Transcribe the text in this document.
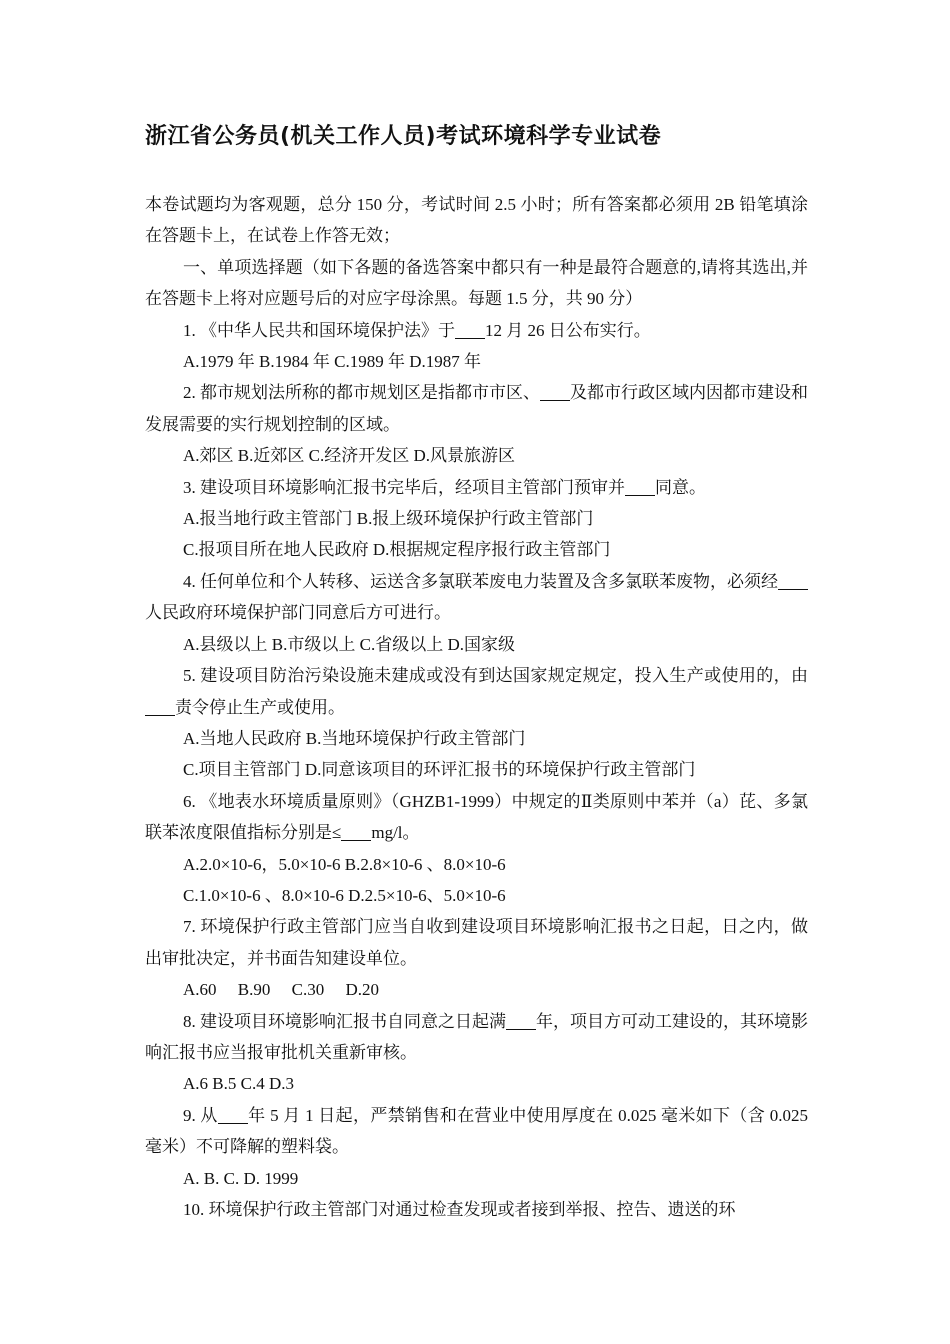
浙江省公务员(机关工作人员)考试环境科学专业试卷

本卷试题均为客观题，总分 150 分，考试时间 2.5 小时；所有答案都必须用 2B 铅笔填涂在答题卡上，在试卷上作答无效；

一、单项选择题（如下各题的备选答案中都只有一种是最符合题意的,请将其选出,并在答题卡上将对应题号后的对应字母涂黑。每题 1.5 分，共 90 分）

1. 《中华人民共和国环境保护法》于 12 月 26 日公布实行。

A.1979 年 B.1984 年 C.1989 年 D.1987 年

2. 都市规划法所称的都市规划区是指都市市区、 及都市行政区域内因都市建设和发展需要的实行规划控制的区域。

A.郊区 B.近郊区 C.经济开发区 D.风景旅游区

3. 建设项目环境影响汇报书完毕后，经项目主管部门预审并 同意。

A.报当地行政主管部门 B.报上级环境保护行政主管部门

C.报项目所在地人民政府 D.根据规定程序报行政主管部门

4. 任何单位和个人转移、运送含多氯联苯废电力装置及含多氯联苯废物，必须经人民政府环境保护部门同意后方可进行。

A.县级以上 B.市级以上 C.省级以上 D.国家级

5. 建设项目防治污染设施未建成或没有到达国家规定规定，投入生产或使用的，由责令停止生产或使用。

A.当地人民政府 B.当地环境保护行政主管部门

C.项目主管部门 D.同意该项目的环评汇报书的环境保护行政主管部门

6. 《地表水环境质量原则》（GHZB1-1999）中规定的Ⅱ类原则中苯并（a）芘、多氯联苯浓度限值指标分别是≤ mg/l。

A.2.0×10-6，5.0×10-6 B.2.8×10-6 、8.0×10-6

C.1.0×10-6 、8.0×10-6 D.2.5×10-6、5.0×10-6

7. 环境保护行政主管部门应当自收到建设项目环境影响汇报书之日起，日之内，做出审批决定，并书面告知建设单位。

A.60　 B.90　 C.30　 D.20

8. 建设项目环境影响汇报书自同意之日起满 年，项目方可动工建设的，其环境影响汇报书应当报审批机关重新审核。

A.6 B.5 C.4 D.3

9. 从 年 5 月 1 日起，严禁销售和在营业中使用厚度在 0.025 毫米如下（含 0.025 毫米）不可降解的塑料袋。

A. B. C. D. 1999

10. 环境保护行政主管部门对通过检查发现或者接到举报、控告、遗送的环
